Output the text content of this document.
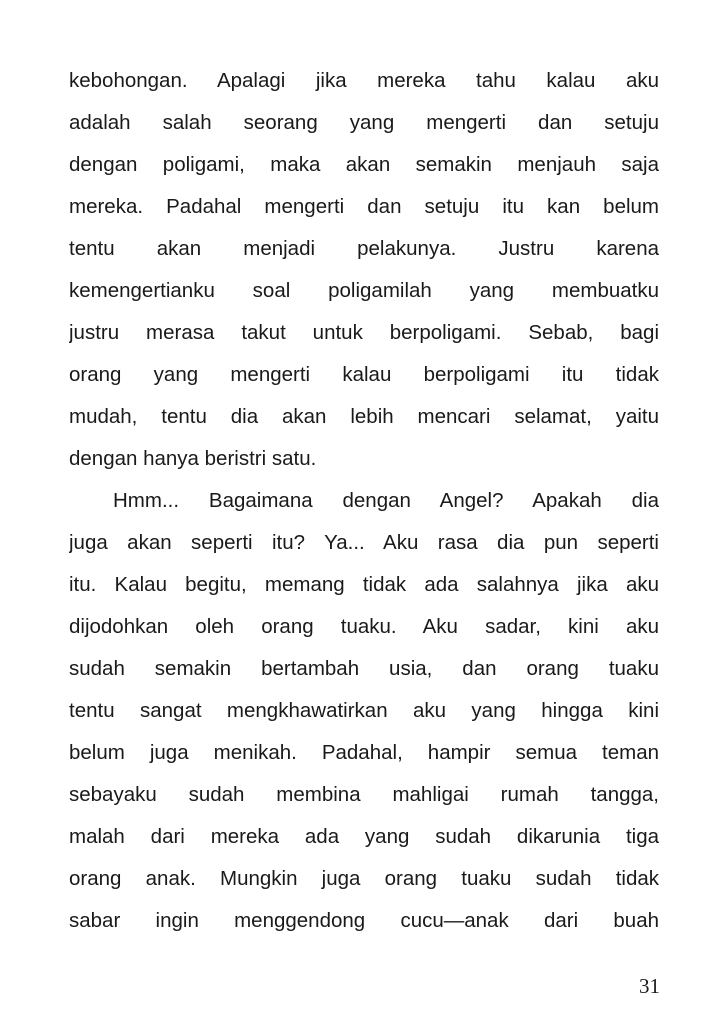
kebohongan. Apalagi jika mereka tahu kalau aku
adalah salah seorang yang mengerti dan setuju
dengan poligami, maka akan semakin menjauh saja
mereka. Padahal mengerti dan setuju itu kan belum
tentu akan menjadi pelakunya. Justru karena
kemengertianku soal poligamilah yang membuatku
justru merasa takut untuk berpoligami. Sebab, bagi
orang yang mengerti kalau berpoligami itu tidak
mudah, tentu dia akan lebih mencari selamat, yaitu
dengan hanya beristri satu.
Hmm... Bagaimana dengan Angel? Apakah dia
juga akan seperti itu? Ya... Aku rasa dia pun seperti
itu. Kalau begitu, memang tidak ada salahnya jika aku
dijodohkan oleh orang tuaku. Aku sadar, kini aku
sudah semakin bertambah usia, dan orang tuaku
tentu sangat mengkhawatirkan aku yang hingga kini
belum juga menikah. Padahal, hampir semua teman
sebayaku sudah membina mahligai rumah tangga,
malah dari mereka ada yang sudah dikarunia tiga
orang anak. Mungkin juga orang tuaku sudah tidak
sabar ingin menggendong cucu—anak dari buah
31
